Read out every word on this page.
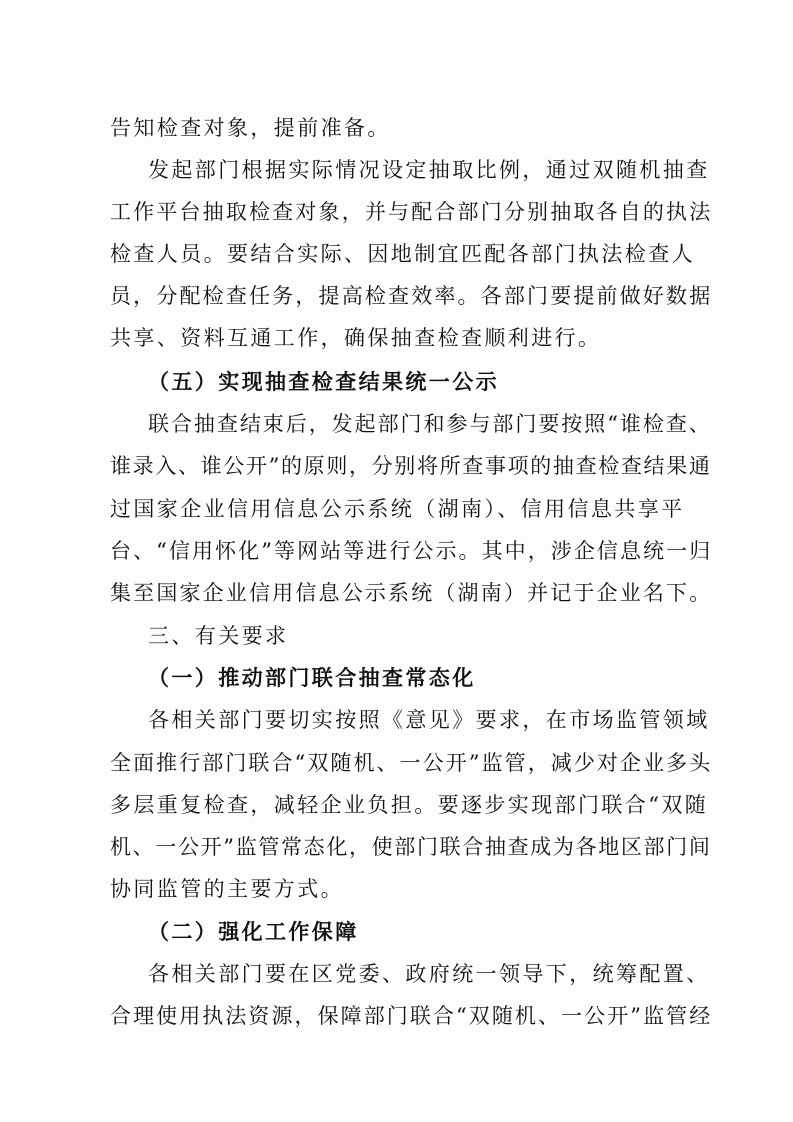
告知检查对象，提前准备。
发起部门根据实际情况设定抽取比例，通过双随机抽查
工作平台抽取检查对象，并与配合部门分别抽取各自的执法
检查人员。要结合实际、因地制宜匹配各部门执法检查人
员，分配检查任务，提高检查效率。各部门要提前做好数据
共享、资料互通工作，确保抽查检查顺利进行。
（五）实现抽查检查结果统一公示
联合抽查结束后，发起部门和参与部门要按照“谁检查、
谁录入、谁公开”的原则，分别将所查事项的抽查检查结果通
过国家企业信用信息公示系统（湖南）、信用信息共享平
台、“信用怀化”等网站等进行公示。其中，涉企信息统一归
集至国家企业信用信息公示系统（湖南）并记于企业名下。
三、有关要求
（一）推动部门联合抽查常态化
各相关部门要切实按照《意见》要求，在市场监管领域
全面推行部门联合“双随机、一公开”监管，减少对企业多头
多层重复检查，减轻企业负担。要逐步实现部门联合“双随
机、一公开”监管常态化，使部门联合抽查成为各地区部门间
协同监管的主要方式。
（二）强化工作保障
各相关部门要在区党委、政府统一领导下，统筹配置、
合理使用执法资源，保障部门联合“双随机、一公开”监管经
